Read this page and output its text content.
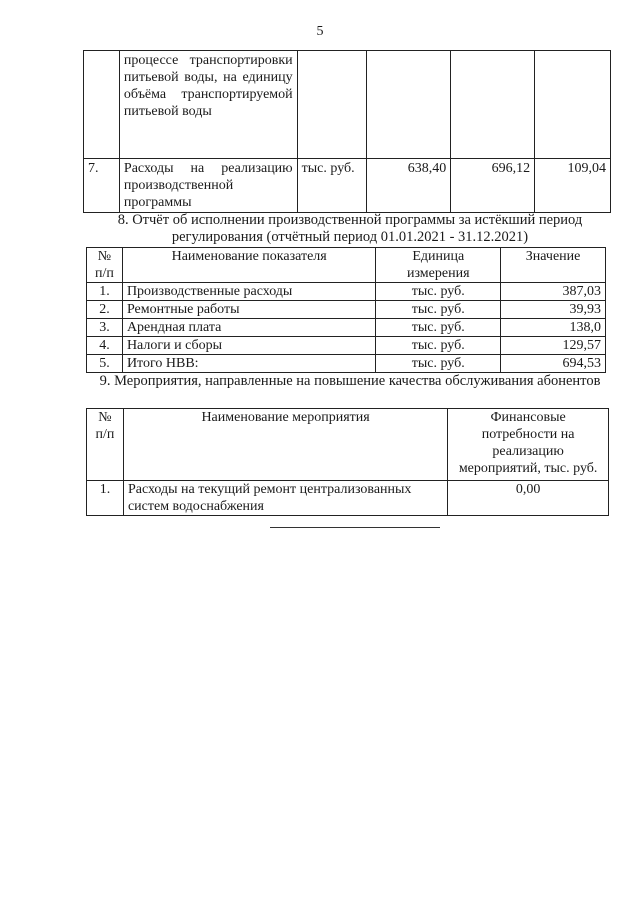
5
	процессе транспортировки питьевой воды, на единицу объёма транспортируемой питьевой воды				
7.	Расходы на реализацию производственной программы	тыс. руб.	638,40	696,12	109,04
8. Отчёт об исполнении производственной программы за истёкший период регулирования (отчётный период 01.01.2021 - 31.12.2021)
№ п/п	Наименование показателя	Единица измерения	Значение
1.	Производственные расходы	тыс. руб.	387,03
2.	Ремонтные работы	тыс. руб.	39,93
3.	Арендная плата	тыс. руб.	138,0
4.	Налоги и сборы	тыс. руб.	129,57
5.	Итого НВВ:	тыс. руб.	694,53
9. Мероприятия, направленные на повышение качества обслуживания абонентов
№ п/п	Наименование мероприятия	Финансовые потребности на реализацию мероприятий, тыс. руб.
1.	Расходы на текущий ремонт централизованных систем водоснабжения	0,00
